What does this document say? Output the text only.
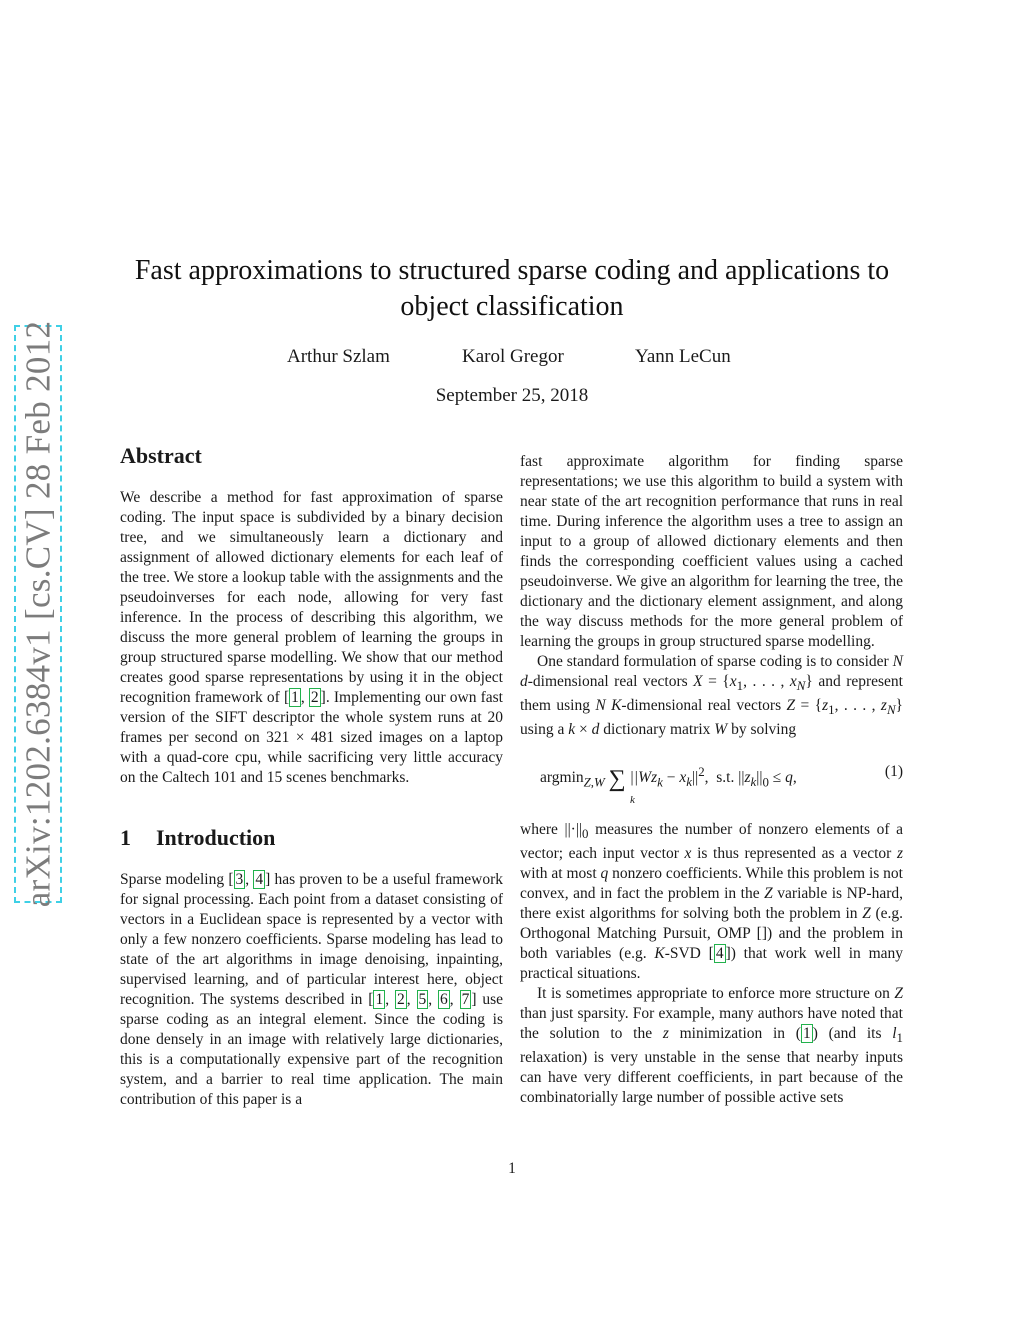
arXiv:1202.6384v1 [cs.CV] 28 Feb 2012
Fast approximations to structured sparse coding and applications to object classification
Arthur Szlam	Karol Gregor	Yann LeCun
September 25, 2018
Abstract

We describe a method for fast approximation of sparse coding. The input space is subdivided by a binary decision tree, and we simultaneously learn a dictionary and assignment of allowed dictionary elements for each leaf of the tree. We store a lookup table with the assignments and the pseudoinverses for each node, allowing for very fast inference. In the process of describing this algorithm, we discuss the more general problem of learning the groups in group structured sparse modelling. We show that our method creates good sparse representations by using it in the object recognition framework of [ 1 , 2 ]. Implementing our own fast version of the SIFT descriptor the whole system runs at 20 frames per second on 321 × 481 sized images on a laptop with a quad-core cpu, while sacrificing very little accuracy on the Caltech 101 and 15 scenes benchmarks.

1 Introduction

Sparse modeling [ 3 , 4 ] has proven to be a useful framework for signal processing. Each point from a dataset consisting of vectors in a Euclidean space is represented by a vector with only a few nonzero coefficients. Sparse modeling has lead to state of the art algorithms in image denoising, inpainting, supervised learning, and of particular interest here, object recognition. The systems described in [ 1 , 2 , 5 , 6 , 7 ] use sparse coding as an integral element. Since the coding is done densely in an image with relatively large dictionaries, this is a computationally expensive part of the recognition system, and a barrier to real time application. The main contribution of this paper is a

fast approximate algorithm for finding sparse representations; we use this algorithm to build a system with near state of the art recognition performance that runs in real time. During inference the algorithm uses a tree to assign an input to a group of allowed dictionary elements and then finds the corresponding coefficient values using a cached pseudoinverse. We give an algorithm for learning the tree, the dictionary and the dictionary element assignment, and along the way discuss methods for the more general problem of learning the groups in group structured sparse modelling.

One standard formulation of sparse coding is to consider N d-dimensional real vectors $X = \{x_1$, . . . , $x_N$} and represent them using N K-dimensional real vectors $Z = \{z_1$, . . . , $z_N$} using a k × d dictionary matrix W by solving

argmin$_{Z,W}$ ∑ $||Wz_k - x_k||^2$,  s.t. $||z_k||_0 \le q$,
k
(1)

where $||\cdot||_0$ measures the number of nonzero elements of a vector; each input vector x is thus represented as a vector z with at most q nonzero coefficients. While this problem is not convex, and in fact the problem in the Z variable is NP-hard, there exist algorithms for solving both the problem in Z (e.g. Orthogonal Matching Pursuit, OMP []) and the problem in both variables (e.g. K-SVD [ 4 ]) that work well in many practical situations.

It is sometimes appropriate to enforce more structure on Z than just sparsity. For example, many authors have noted that the solution to the z minimization in ( 1 ) (and its $l_1$ relaxation) is very unstable in the sense that nearby inputs can have very different coefficients, in part because of the combinatorially large number of possible active sets

1
